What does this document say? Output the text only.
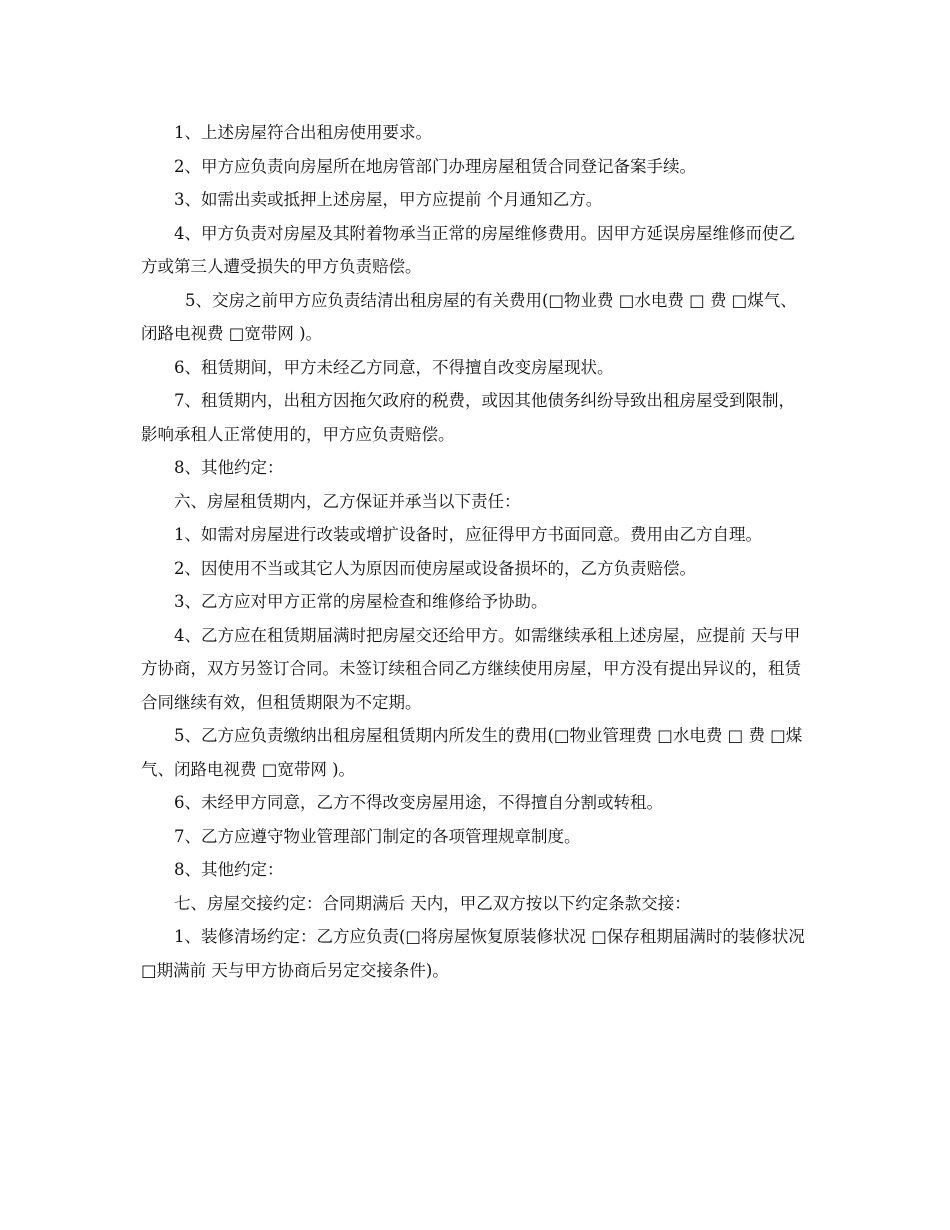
1、上述房屋符合出租房使用要求。

2、甲方应负责向房屋所在地房管部门办理房屋租赁合同登记备案手续。

3、如需出卖或抵押上述房屋，甲方应提前 个月通知乙方。

4、甲方负责对房屋及其附着物承当正常的房屋维修费用。因甲方延误房屋维修而使乙方或第三人遭受损失的甲方负责赔偿。

5、交房之前甲方应负责结清出租房屋的有关费用(□物业费 □水电费 □ 费 □煤气、闭路电视费 □宽带网 )。

6、租赁期间，甲方未经乙方同意，不得擅自改变房屋现状。

7、租赁期内，出租方因拖欠政府的税费，或因其他债务纠纷导致出租房屋受到限制，影响承租人正常使用的，甲方应负责赔偿。

8、其他约定：

六、房屋租赁期内，乙方保证并承当以下责任：

1、如需对房屋进行改装或增扩设备时，应征得甲方书面同意。费用由乙方自理。

2、因使用不当或其它人为原因而使房屋或设备损坏的，乙方负责赔偿。

3、乙方应对甲方正常的房屋检查和维修给予协助。

4、乙方应在租赁期届满时把房屋交还给甲方。如需继续承租上述房屋，应提前 天与甲方协商，双方另签订合同。未签订续租合同乙方继续使用房屋，甲方没有提出异议的，租赁合同继续有效，但租赁期限为不定期。

5、乙方应负责缴纳出租房屋租赁期内所发生的费用(□物业管理费 □水电费 □ 费 □煤气、闭路电视费 □宽带网 )。

6、未经甲方同意，乙方不得改变房屋用途，不得擅自分割或转租。

7、乙方应遵守物业管理部门制定的各项管理规章制度。

8、其他约定：

七、房屋交接约定：合同期满后 天内，甲乙双方按以下约定条款交接：

1、装修清场约定：乙方应负责(□将房屋恢复原装修状况 □保存租期届满时的装修状况 □期满前 天与甲方协商后另定交接条件)。
